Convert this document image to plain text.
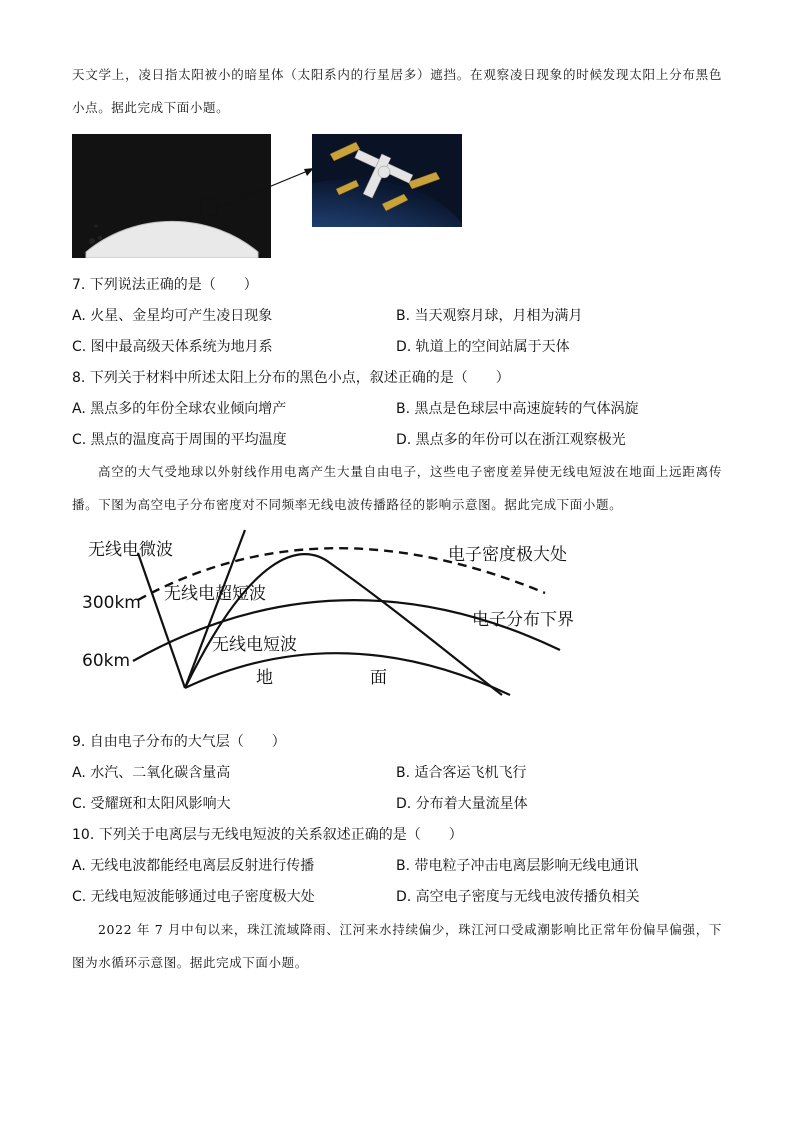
天文学上，凌日指太阳被小的暗星体（太阳系内的行星居多）遮挡。在观察凌日现象的时候发现太阳上分布黑色小点。据此完成下面小题。
7. 下列说法正确的是（　　）
A. 火星、金星均可产生凌日现象	B. 当天观察月球，月相为满月
C. 图中最高级天体系统为地月系	D. 轨道上的空间站属于天体
8. 下列关于材料中所述太阳上分布的黑色小点，叙述正确的是（　　）
A. 黑点多的年份全球农业倾向增产	B. 黑点是色球层中高速旋转的气体涡旋
C. 黑点的温度高于周围的平均温度	D. 黑点多的年份可以在浙江观察极光
高空的大气受地球以外射线作用电离产生大量自由电子，这些电子密度差异使无线电短波在地面上远距离传播。下图为高空电子分布密度对不同频率无线电波传播路径的影响示意图。据此完成下面小题。
无线电微波
无线电超短波
无线电短波
电子密度极大处
电子分布下界
300km
60km
地	面
9. 自由电子分布的大气层（　　）
A. 水汽、二氧化碳含量高	B. 适合客运飞机飞行
C. 受耀斑和太阳风影响大	D. 分布着大量流星体
10. 下列关于电离层与无线电短波的关系叙述正确的是（　　）
A. 无线电波都能经电离层反射进行传播	B. 带电粒子冲击电离层影响无线电通讯
C. 无线电短波能够通过电子密度极大处	D. 高空电子密度与无线电波传播负相关
2022 年 7 月中旬以来，珠江流域降雨、江河来水持续偏少，珠江河口受咸潮影响比正常年份偏早偏强，下图为水循环示意图。据此完成下面小题。
